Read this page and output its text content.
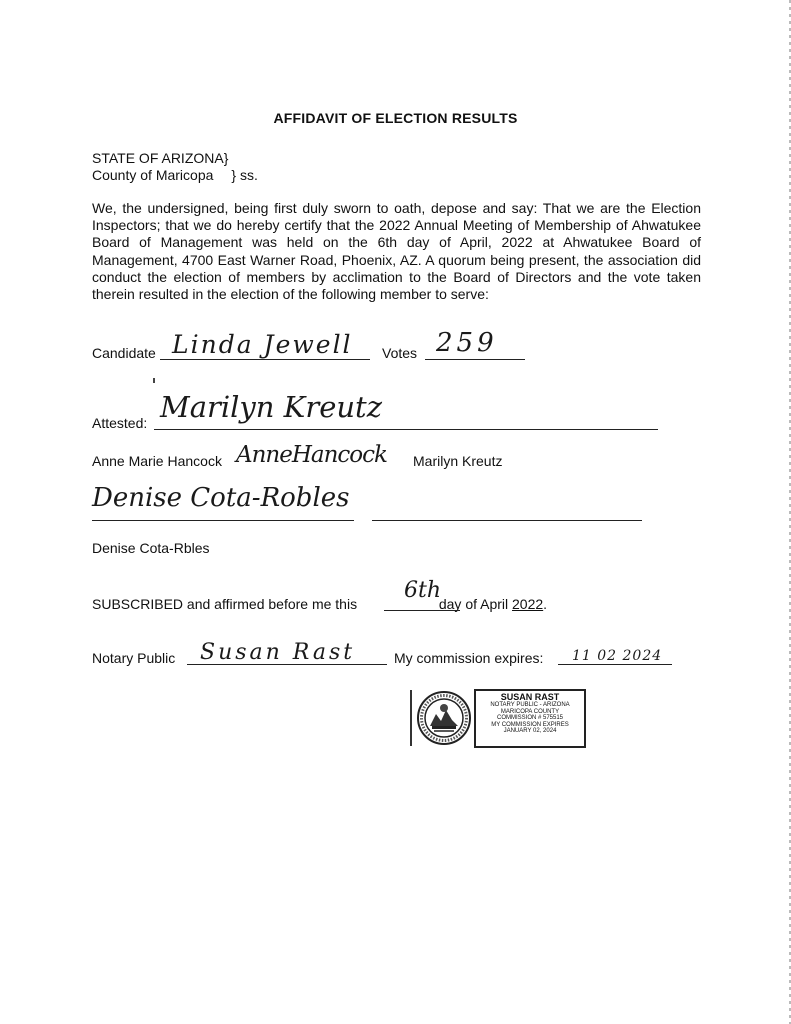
AFFIDAVIT OF ELECTION RESULTS
STATE OF ARIZONA}
County of Maricopa } ss.
We, the undersigned, being first duly sworn to oath, depose and say: That we are the Election Inspectors; that we do hereby certify that the 2022 Annual Meeting of Membership of Ahwatukee Board of Management was held on the 6th day of April, 2022 at Ahwatukee Board of Management, 4700 East Warner Road, Phoenix, AZ. A quorum being present, the association did conduct the election of members by acclimation to the Board of Directors and the vote taken therein resulted in the election of the following member to serve:
Candidate Linda Jewell Votes 259
Attested: Marilyn Kreutz
Anne Marie Hancock AnneHancock Marilyn Kreutz
Denise Cota-Robles
Denise Cota-Rbles
SUBSCRIBED and affirmed before me this	day of April 2022.
6th
Notary Public Susan Rast	My commission expires: 11 02 2024
SUSAN RAST
NOTARY PUBLIC - ARIZONA
MARICOPA COUNTY
COMMISSION # 575515
MY COMMISSION EXPIRES
JANUARY 02, 2024
